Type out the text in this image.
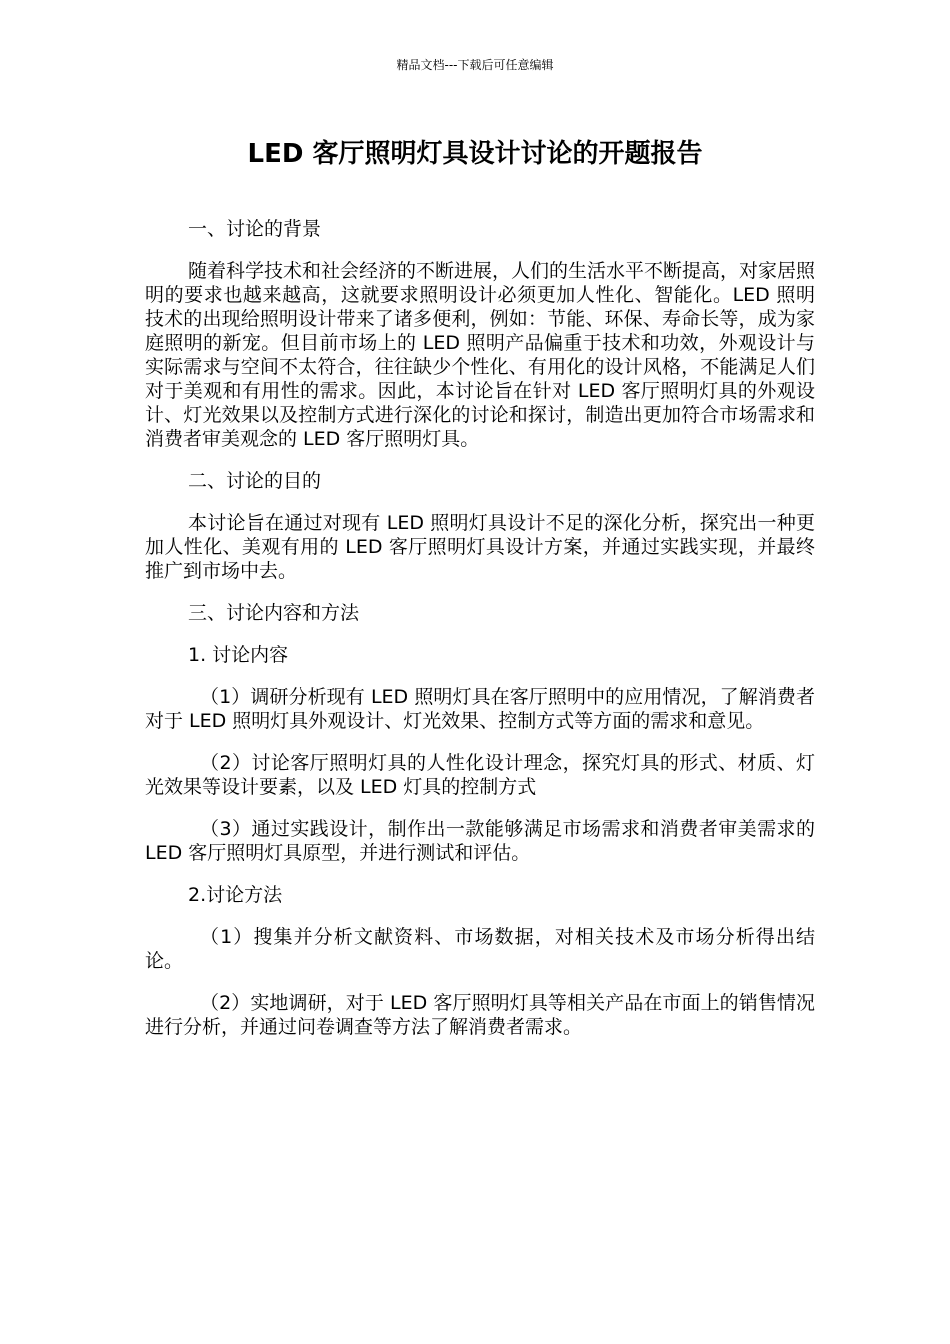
精品文档---下载后可任意编辑
LED 客厅照明灯具设计讨论的开题报告

一、讨论的背景

随着科学技术和社会经济的不断进展，人们的生活水平不断提高，对家居照明的要求也越来越高，这就要求照明设计必须更加人性化、智能化。LED 照明技术的出现给照明设计带来了诸多便利，例如：节能、环保、寿命长等，成为家庭照明的新宠。但目前市场上的 LED 照明产品偏重于技术和功效，外观设计与实际需求与空间不太符合，往往缺少个性化、有用化的设计风格，不能满足人们对于美观和有用性的需求。因此，本讨论旨在针对 LED 客厅照明灯具的外观设计、灯光效果以及控制方式进行深化的讨论和探讨，制造出更加符合市场需求和消费者审美观念的 LED 客厅照明灯具。

二、讨论的目的

本讨论旨在通过对现有 LED 照明灯具设计不足的深化分析，探究出一种更加人性化、美观有用的 LED 客厅照明灯具设计方案，并通过实践实现，并最终推广到市场中去。

三、讨论内容和方法

1. 讨论内容

（1）调研分析现有 LED 照明灯具在客厅照明中的应用情况，了解消费者对于 LED 照明灯具外观设计、灯光效果、控制方式等方面的需求和意见。

（2）讨论客厅照明灯具的人性化设计理念，探究灯具的形式、材质、灯光效果等设计要素，以及 LED 灯具的控制方式

（3）通过实践设计，制作出一款能够满足市场需求和消费者审美需求的 LED 客厅照明灯具原型，并进行测试和评估。

2.讨论方法

（1）搜集并分析文献资料、市场数据，对相关技术及市场分析得出结论。

（2）实地调研，对于 LED 客厅照明灯具等相关产品在市面上的销售情况进行分析，并通过问卷调查等方法了解消费者需求。
